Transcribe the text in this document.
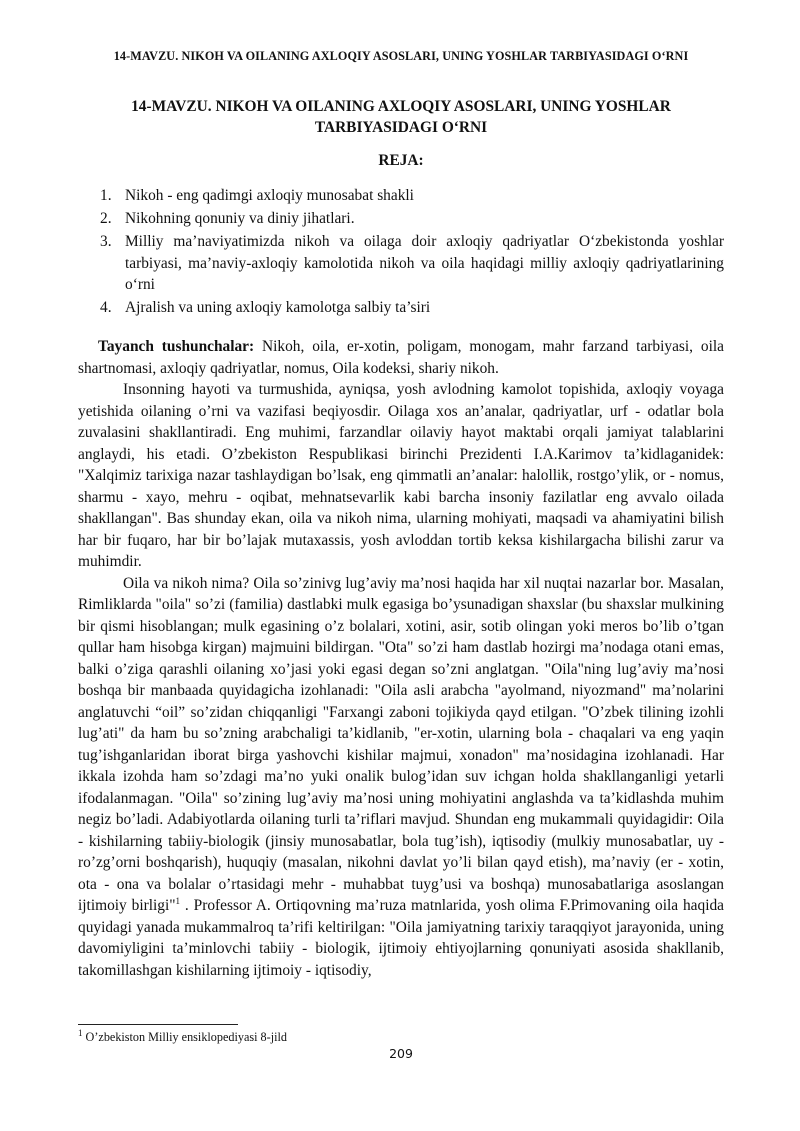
14-MAVZU. NIKOH VA OILANING AXLOQIY ASOSLARI, UNING YOSHLAR TARBIYASIDAGI O‘RNI
14-MAVZU. NIKOH VA OILANING AXLOQIY ASOSLARI, UNING YOSHLAR
TARBIYASIDAGI O‘RNI
REJA:
1. Nikoh - eng qadimgi axloqiy munosabat shakli
2. Nikohning qonuniy va diniy jihatlari.
3. Milliy ma’naviyatimizda nikoh va oilaga doir axloqiy qadriyatlar O‘zbekistonda yoshlar tarbiyasi, ma’naviy-axloqiy kamolotida nikoh va oila haqidagi milliy axloqiy qadriyatlarining o‘rni
4. Ajralish va uning axloqiy kamolotga salbiy ta’siri

Tayanch tushunchalar: Nikoh, oila, er-xotin, poligam, monogam, mahr farzand tarbiyasi, oila shartnomasi, axloqiy qadriyatlar, nomus, Oila kodeksi, shariy nikoh.

Insonning hayoti va turmushida, ayniqsa, yosh avlodning kamolot topishida, axloqiy voyaga yetishida oilaning o’rni va vazifasi beqiyosdir. Oilaga xos an’analar, qadriyatlar, urf - odatlar bola zuvalasini shakllantiradi. Eng muhimi, farzandlar oilaviy hayot maktabi orqali jamiyat talablarini anglaydi, his etadi. O’zbekiston Respublikasi birinchi Prezidenti I.A.Karimov ta’kidlaganidek: "Xalqimiz tarixiga nazar tashlaydigan bo’lsak, eng qimmatli an’analar: halollik, rostgo’ylik, or - nomus, sharmu - xayo, mehru - oqibat, mehnatsevarlik kabi barcha insoniy fazilatlar eng avvalo oilada shakllangan". Bas shunday ekan, oila va nikoh nima, ularning mohiyati, maqsadi va ahamiyatini bilish har bir fuqaro, har bir bo’lajak mutaxassis, yosh avloddan tortib keksa kishilargacha bilishi zarur va muhimdir.

Oila va nikoh nima? Oila so’zinivg lug’aviy ma’nosi haqida har xil nuqtai nazarlar bor. Masalan, Rimliklarda "oila" so’zi (familia) dastlabki mulk egasiga bo’ysunadigan shaxslar (bu shaxslar mulkining bir qismi hisoblangan; mulk egasining o’z bolalari, xotini, asir, sotib olingan yoki meros bo’lib o’tgan qullar ham hisobga kirgan) majmuini bildirgan. "Ota" so’zi ham dastlab hozirgi ma’nodaga otani emas, balki o’ziga qarashli oilaning xo’jasi yoki egasi degan so’zni anglatgan. "Oila"ning lug’aviy ma’nosi boshqa bir manbaada quyidagicha izohlanadi: "Oila asli arabcha "ayolmand, niyozmand" ma’nolarini anglatuvchi “oil” so’zidan chiqqanligi "Farxangi zaboni tojikiyda qayd etilgan. "O’zbek tilining izohli lug’ati" da ham bu so’zning arabchaligi ta’kidlanib, "er-xotin, ularning bola - chaqalari va eng yaqin tug’ishganlaridan iborat birga yashovchi kishilar majmui, xonadon" ma’nosidagina izohlanadi. Har ikkala izohda ham so’zdagi ma’no yuki onalik bulog’idan suv ichgan holda shakllanganligi yetarli ifodalanmagan. "Oila" so’zining lug’aviy ma’nosi uning mohiyatini anglashda va ta’kidlashda muhim negiz bo’ladi. Adabiyotlarda oilaning turli ta’riflari mavjud. Shundan eng mukammali quyidagidir: Oila - kishilarning tabiiy-biologik (jinsiy munosabatlar, bola tug’ish), iqtisodiy (mulkiy munosabatlar, uy - ro’zg’orni boshqarish), huquqiy (masalan, nikohni davlat yo’li bilan qayd etish), ma’naviy (er - xotin, ota - ona va bolalar o’rtasidagi mehr - muhabbat tuyg’usi va boshqa) munosabatlariga asoslangan ijtimoiy birligi"$^1$ . Professor A. Ortiqovning ma’ruza matnlarida, yosh olima F.Primovaning oila haqida quyidagi yanada mukammalroq ta’rifi keltirilgan: "Oila jamiyatning tarixiy taraqqiyot jarayonida, uning davomiyligini ta’minlovchi tabiiy - biologik, ijtimoiy ehtiyojlarning qonuniyati asosida shakllanib, takomillashgan kishilarning ijtimoiy - iqtisodiy,

$^1$ O’zbekiston Milliy ensiklopediyasi 8-jild
209
